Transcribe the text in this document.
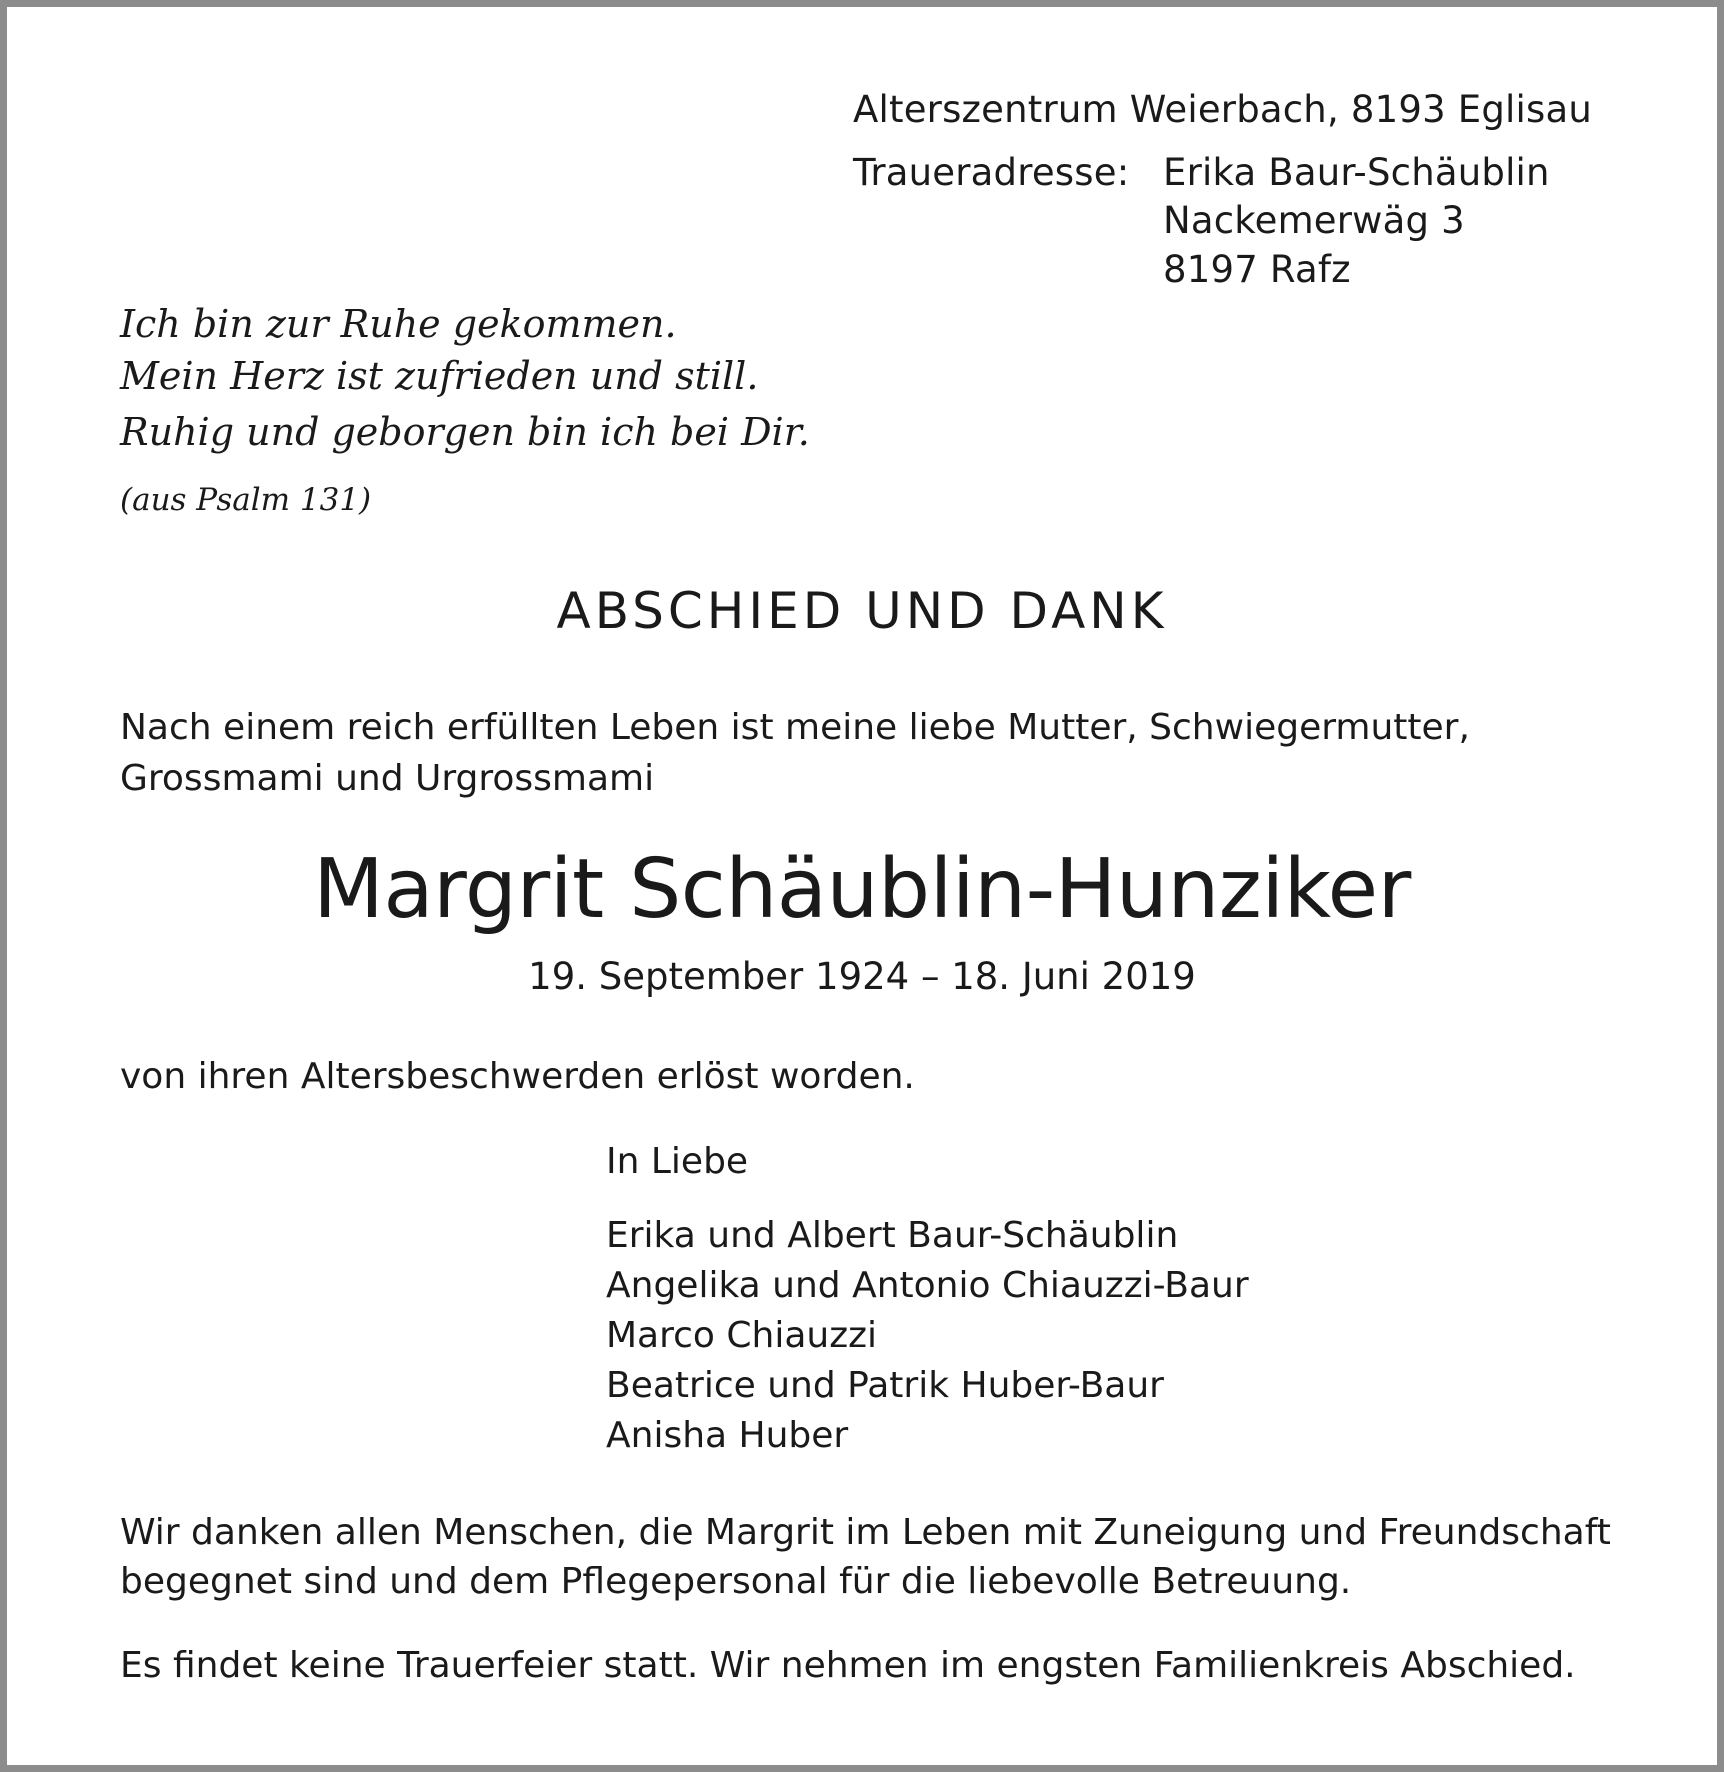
Alterszentrum Weierbach, 8193 Eglisau
Traueradresse: Erika Baur-Schäublin
Nackemerwäg 3
8197 Rafz
Ich bin zur Ruhe gekommen.
Mein Herz ist zufrieden und still.
Ruhig und geborgen bin ich bei Dir.
(aus Psalm 131)
ABSCHIED UND DANK
Nach einem reich erfüllten Leben ist meine liebe Mutter, Schwiegermutter,
Grossmami und Urgrossmami
Margrit Schäublin-Hunziker
19. September 1924 – 18. Juni 2019
von ihren Altersbeschwerden erlöst worden.
In Liebe
Erika und Albert Baur-Schäublin
Angelika und Antonio Chiauzzi-Baur
Marco Chiauzzi
Beatrice und Patrik Huber-Baur
Anisha Huber
Wir danken allen Menschen, die Margrit im Leben mit Zuneigung und Freundschaft
begegnet sind und dem Pflegepersonal für die liebevolle Betreuung.
Es findet keine Trauerfeier statt. Wir nehmen im engsten Familienkreis Abschied.
